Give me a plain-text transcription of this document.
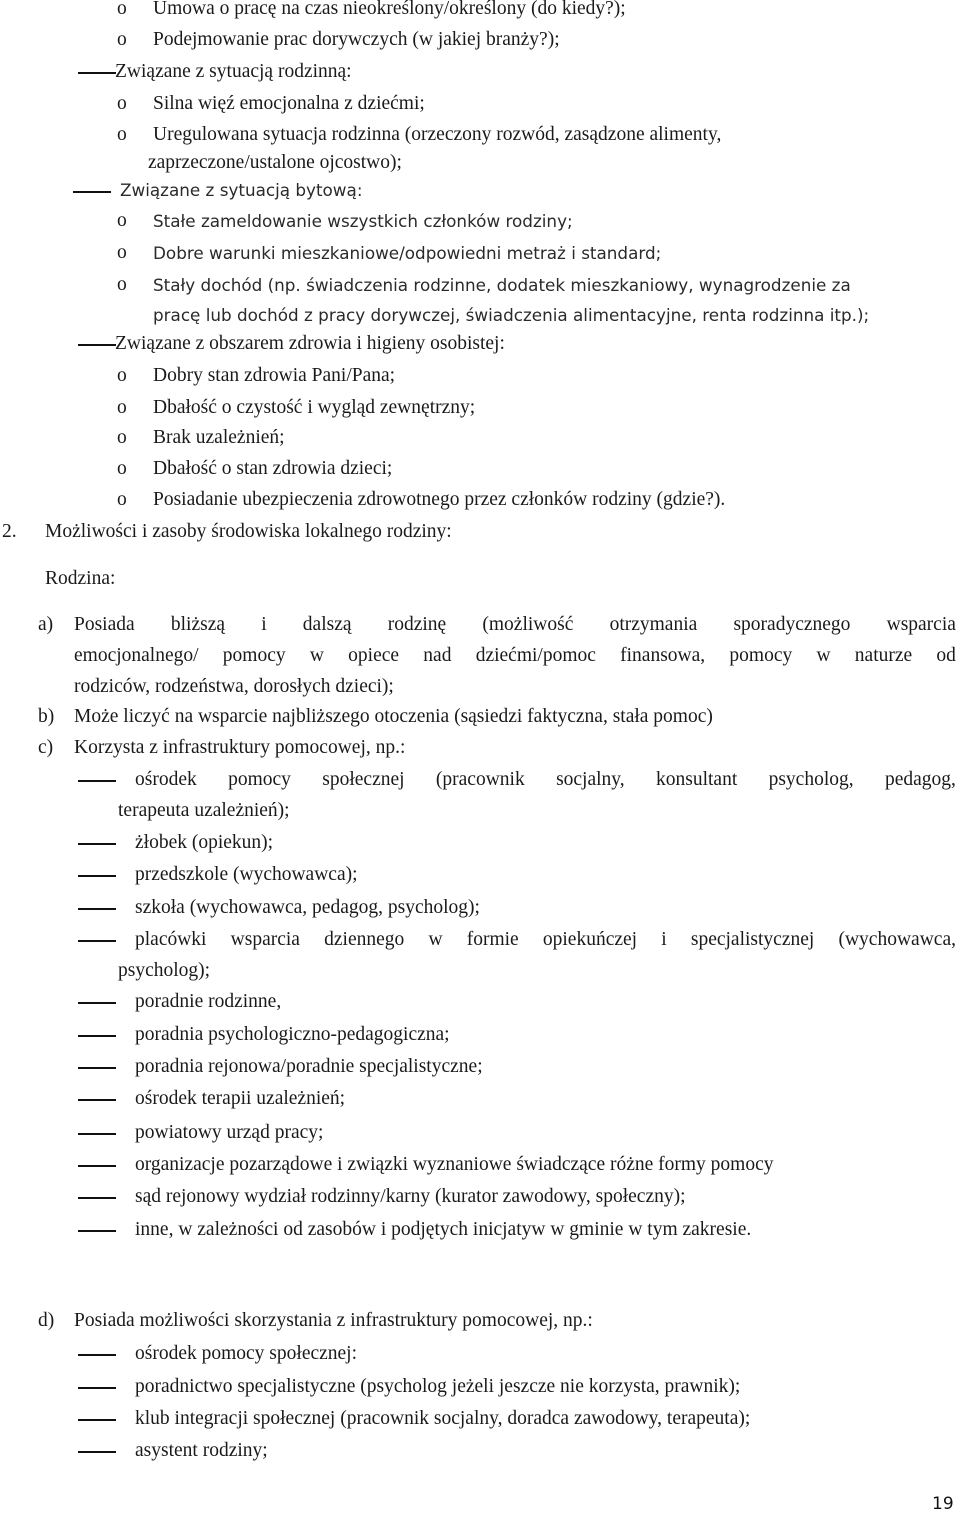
o Umowa o pracę na czas nieokreślony/określony (do kiedy?);
o Podejmowanie prac dorywczych (w jakiej branży?);
Związane z sytuacją rodzinną:
o Silna więź emocjonalna z dziećmi;
o Uregulowana sytuacja rodzinna (orzeczony rozwód, zasądzone alimenty,
zaprzeczone/ustalone ojcostwo);
Związane z sytuacją bytową:
o Stałe zameldowanie wszystkich członków rodziny;
o Dobre warunki mieszkaniowe/odpowiedni metraż i standard;
o Stały dochód (np. świadczenia rodzinne, dodatek mieszkaniowy, wynagrodzenie za
pracę lub dochód z pracy dorywczej, świadczenia alimentacyjne, renta rodzinna itp.);
Związane z obszarem zdrowia i higieny osobistej:
o Dobry stan zdrowia Pani/Pana;
o Dbałość o czystość i wygląd zewnętrzny;
o Brak uzależnień;
o Dbałość o stan zdrowia dzieci;
o Posiadanie ubezpieczenia zdrowotnego przez członków rodziny (gdzie?).
2. Możliwości i zasoby środowiska lokalnego rodziny:
Rodzina:
a) Posiada bliższą i dalszą rodzinę (możliwość otrzymania sporadycznego wsparcia
emocjonalnego/ pomocy w opiece nad dziećmi/pomoc finansowa, pomocy w naturze od
rodziców, rodzeństwa, dorosłych dzieci);
b) Może liczyć na wsparcie najbliższego otoczenia (sąsiedzi faktyczna, stała pomoc)
c) Korzysta z infrastruktury pomocowej, np.:
ośrodek pomocy społecznej (pracownik socjalny, konsultant psycholog, pedagog,
terapeuta uzależnień);
żłobek (opiekun);
przedszkole (wychowawca);
szkoła (wychowawca, pedagog, psycholog);
placówki wsparcia dziennego w formie opiekuńczej i specjalistycznej (wychowawca,
psycholog);
poradnie rodzinne,
poradnia psychologiczno-pedagogiczna;
poradnia rejonowa/poradnie specjalistyczne;
ośrodek terapii uzależnień;
powiatowy urząd pracy;
organizacje pozarządowe i związki wyznaniowe świadczące różne formy pomocy
sąd rejonowy wydział rodzinny/karny (kurator zawodowy, społeczny);
inne, w zależności od zasobów i podjętych inicjatyw w gminie w tym zakresie.
d) Posiada możliwości skorzystania z infrastruktury pomocowej, np.:
ośrodek pomocy społecznej:
poradnictwo specjalistyczne (psycholog jeżeli jeszcze nie korzysta, prawnik);
klub integracji społecznej (pracownik socjalny, doradca zawodowy, terapeuta);
asystent rodziny;
19
